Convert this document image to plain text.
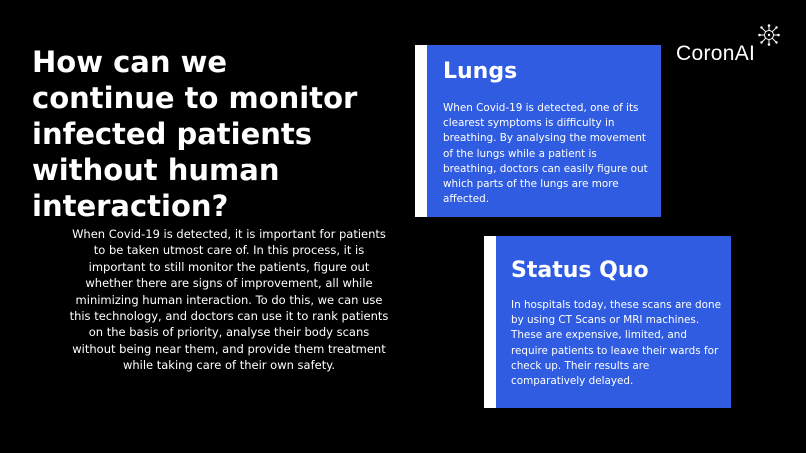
How can we continue to monitor infected patients without human interaction?

When Covid-19 is detected, it is important for patients to be taken utmost care of. In this process, it is important to still monitor the patients, figure out whether there are signs of improvement, all while minimizing human interaction. To do this, we can use this technology, and doctors can use it to rank patients on the basis of priority, analyse their body scans without being near them, and provide them treatment while taking care of their own safety.

CoronAI
Lungs

When Covid-19 is detected, one of its clearest symptoms is difficulty in breathing. By analysing the movement of the lungs while a patient is breathing, doctors can easily figure out which parts of the lungs are more affected.

Status Quo

In hospitals today, these scans are done by using CT Scans or MRI machines. These are expensive, limited, and require patients to leave their wards for check up. Their results are comparatively delayed.
